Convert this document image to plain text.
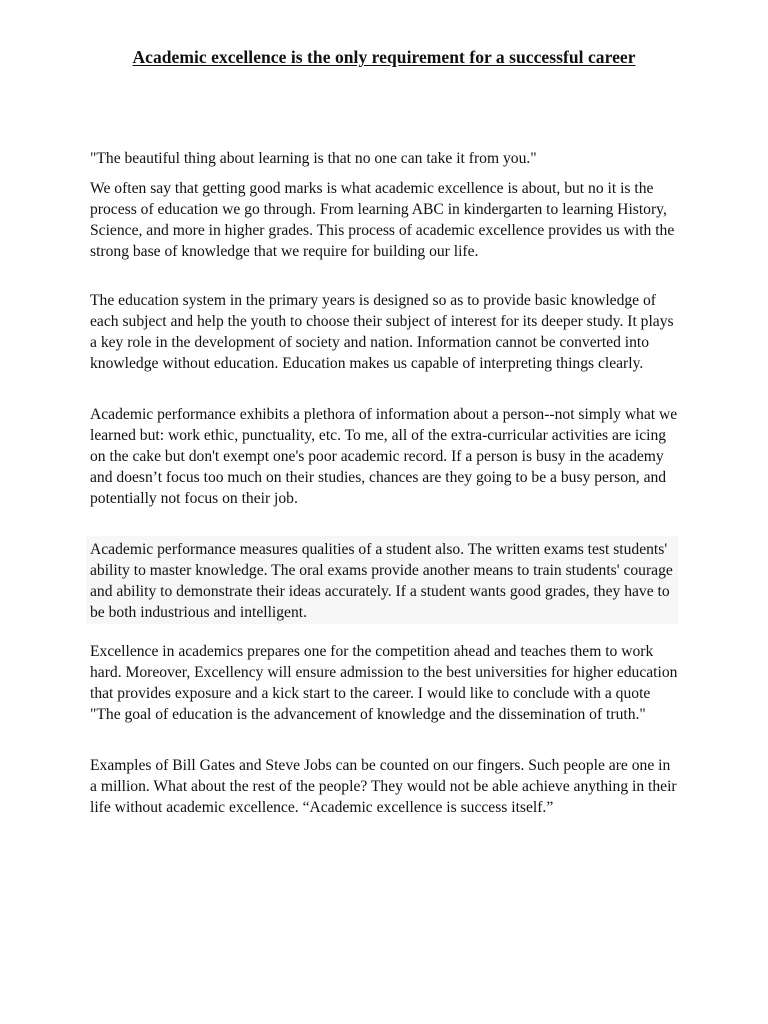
Academic excellence is the only requirement for a successful career

"The beautiful thing about learning is that no one can take it from you."

We often say that getting good marks is what academic excellence is about, but no it is the process of education we go through. From learning ABC in kindergarten to learning History, Science, and more in higher grades. This process of academic excellence provides us with the strong base of knowledge that we require for building our life.

The education system in the primary years is designed so as to provide basic knowledge of each subject and help the youth to choose their subject of interest for its deeper study. It plays a key role in the development of society and nation. Information cannot be converted into knowledge without education. Education makes us capable of interpreting things clearly.

Academic performance exhibits a plethora of information about a person--not simply what we learned but: work ethic, punctuality, etc. To me, all of the extra-curricular activities are icing on the cake but don't exempt one's poor academic record. If a person is busy in the academy and doesn’t focus too much on their studies, chances are they going to be a busy person, and potentially not focus on their job.

Academic performance measures qualities of a student also. The written exams test students' ability to master knowledge. The oral exams provide another means to train students' courage and ability to demonstrate their ideas accurately. If a student wants good grades, they have to be both industrious and intelligent.

Excellence in academics prepares one for the competition ahead and teaches them to work hard. Moreover, Excellency will ensure admission to the best universities for higher education that provides exposure and a kick start to the career. I would like to conclude with a quote "The goal of education is the advancement of knowledge and the dissemination of truth."

Examples of Bill Gates and Steve Jobs can be counted on our fingers. Such people are one in a million. What about the rest of the people? They would not be able achieve anything in their life without academic excellence. “Academic excellence is success itself.”
